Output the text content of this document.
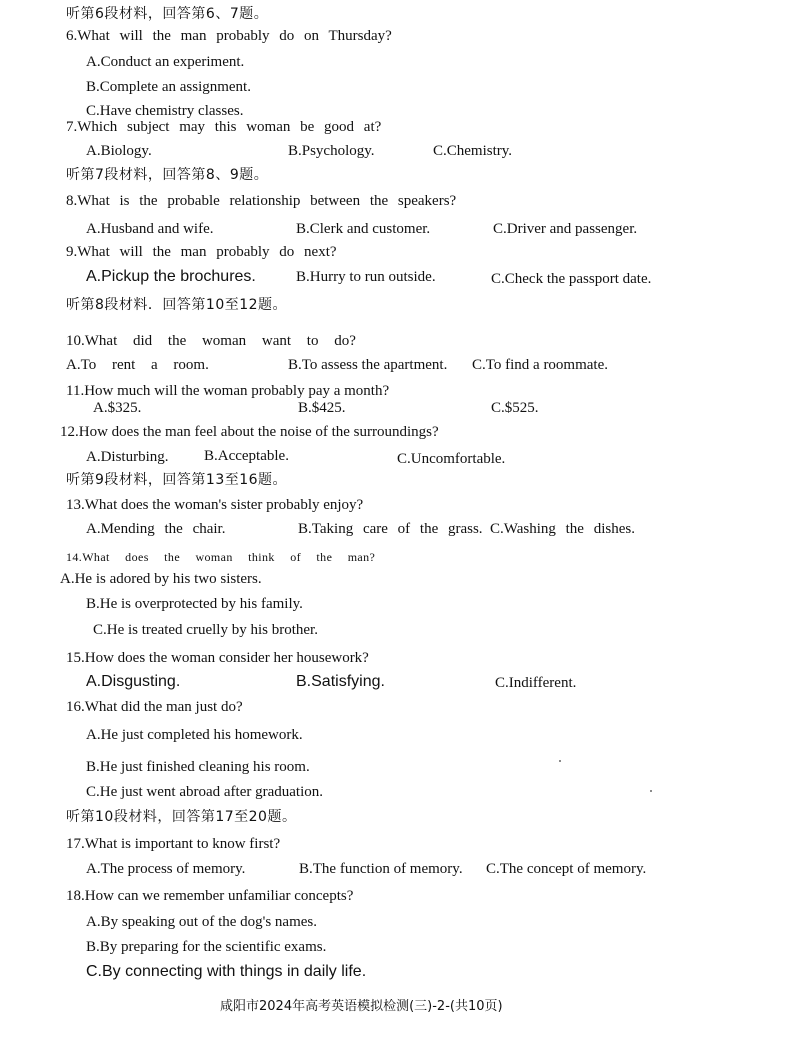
听第6段材料，回答第6、7题。
6.What will the man probably do on Thursday?
A.Conduct an experiment.
B.Complete an assignment.
C.Have chemistry classes.
7.Which subject may this woman be good at?
A.Biology.	B.Psychology.	C.Chemistry.
听第7段材料，回答第8、9题。
8.What is the probable relationship between the speakers?
A.Husband and wife.	B.Clerk and customer.	C.Driver and passenger.
9.What will the man probably do next?
A.Pickup the brochures.	B.Hurry to run outside.	C.Check the passport date.
听第8段材料．回答第10至12题。
10.What did the woman want to do?
A.To rent a room.	B.To assess the apartment. C.To find a roommate.
11.How much will the woman probably pay a month?
A.$325.	B.$425.	C.$525.
12.How does the man feel about the noise of the surroundings?
A.Disturbing. B.Acceptable.	C.Uncomfortable.
听第9段材料，回答第13至16题。
13.What does the woman's sister probably enjoy?
A.Mending the chair.	B.Taking care of the grass. C.Washing the dishes.
14.What does the woman think of the man?
A.He is adored by his two sisters.
B.He is overprotected by his family.
C.He is treated cruelly by his brother.
15.How does the woman consider her housework?
A.Disgusting.	B.Satisfying.	C.Indifferent.
16.What did the man just do?
A.He just completed his homework.
B.He just finished cleaning his room.
C.He just went abroad after graduation.
听第10段材料，回答第17至20题。
17.What is important to know first?
A.The process of memory.	B.The function of memory. C.The concept of memory.
18.How can we remember unfamiliar concepts?
A.By speaking out of the dog's names.
B.By preparing for the scientific exams.
C.By connecting with things in daily life.
咸阳市2024年高考英语模拟检测(三)-2-(共10页)
